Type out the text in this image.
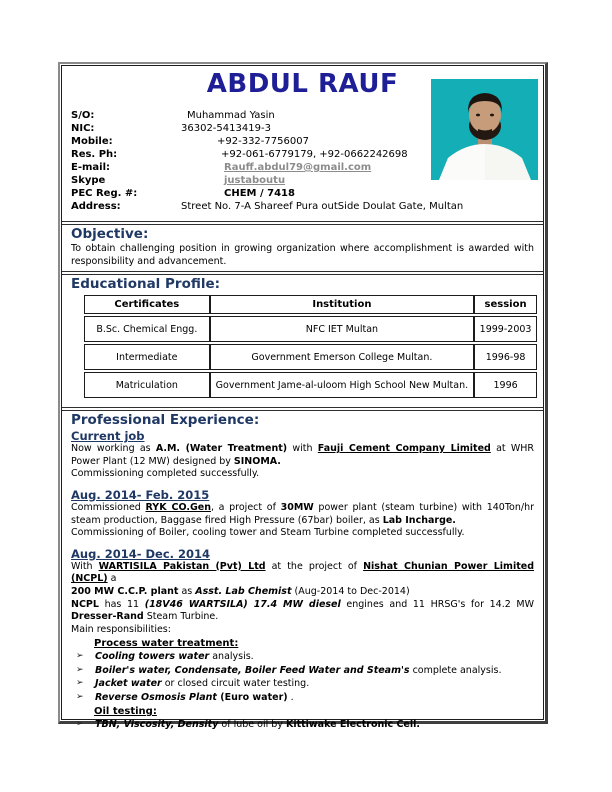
ABDUL RAUF
S/O:	Muhammad Yasin
NIC:	36302-5413419-3
Mobile:	+92-332-7756007
Res. Ph:	+92-061-6779179, +92-0662242698
E-mail:	Rauff.abdul79@gmail.com
Skype	justaboutu
PEC Reg. #:	CHEM / 7418
Address:	Street No. 7-A Shareef Pura outSide Doulat Gate, Multan
Objective:

To obtain challenging position in growing organization where accomplishment is awarded with responsibility and advancement.

Educational Profile:
Certificates	Institution	session
B.Sc. Chemical Engg.	NFC IET Multan	1999-2003
Intermediate	Government Emerson College Multan.	1996-98
Matriculation	Government Jame-al-uloom High School New Multan.	1996
Professional Experience:
Current job

Now working as A.M. (Water Treatment) with Fauji Cement Company Limited at WHR Power Plant (12 MW) designed by SINOMA.

Commissioning completed successfully.

Aug. 2014- Feb. 2015

Commissioned RYK CO.Gen, a project of 30MW power plant (steam turbine) with 140Ton/hr steam production, Baggase fired High Pressure (67bar) boiler, as Lab Incharge.

Commissioning of Boiler, cooling tower and Steam Turbine completed successfully.

Aug. 2014- Dec. 2014

With WARTISILA Pakistan (Pvt) Ltd at the project of Nishat Chunian Power Limited (NCPL) a

200 MW C.C.P. plant as Asst. Lab Chemist (Aug-2014 to Dec-2014)

NCPL has 11 (18V46 WARTSILA) 17.4 MW diesel engines and 11 HRSG's for 14.2 MW Dresser-Rand Steam Turbine.

Main responsibilities:

Process water treatment:
➢	Cooling towers water analysis.
➢	Boiler's water, Condensate, Boiler Feed Water and Steam's complete analysis.
➢	Jacket water or closed circuit water testing.
➢	Reverse Osmosis Plant (Euro water) .
Oil testing:
➢	TBN, Viscosity, Density of lube oil by Kittiwake Electronic Cell.
